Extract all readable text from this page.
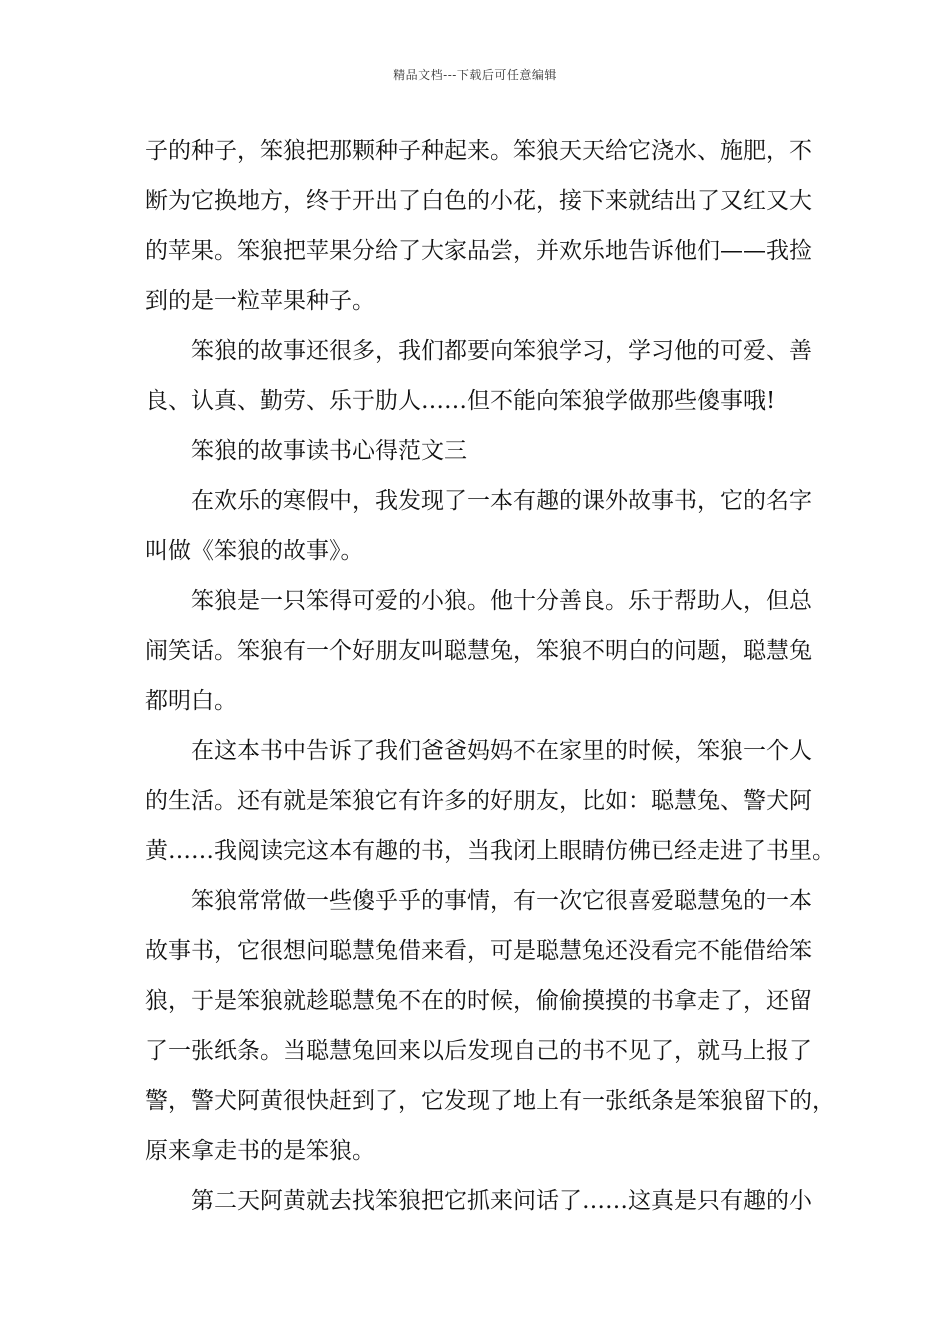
精品文档---下载后可任意编辑
子的种子，笨狼把那颗种子种起来。笨狼天天给它浇水、施肥，不
断为它换地方，终于开出了白色的小花，接下来就结出了又红又大
的苹果。笨狼把苹果分给了大家品尝，并欢乐地告诉他们——我捡
到的是一粒苹果种子。
笨狼的故事还很多，我们都要向笨狼学习，学习他的可爱、善
良、认真、勤劳、乐于肋人……但不能向笨狼学做那些傻事哦!
笨狼的故事读书心得范文三
在欢乐的寒假中，我发现了一本有趣的课外故事书，它的名字
叫做《笨狼的故事》。
笨狼是一只笨得可爱的小狼。他十分善良。乐于帮助人，但总
闹笑话。笨狼有一个好朋友叫聪慧兔，笨狼不明白的问题，聪慧兔
都明白。
在这本书中告诉了我们爸爸妈妈不在家里的时候，笨狼一个人
的生活。还有就是笨狼它有许多的好朋友，比如：聪慧兔、警犬阿
黄……我阅读完这本有趣的书，当我闭上眼睛仿佛已经走进了书里。
笨狼常常做一些傻乎乎的事情，有一次它很喜爱聪慧兔的一本
故事书，它很想问聪慧兔借来看，可是聪慧兔还没看完不能借给笨
狼，于是笨狼就趁聪慧兔不在的时候，偷偷摸摸的书拿走了，还留
了一张纸条。当聪慧兔回来以后发现自己的书不见了，就马上报了
警，警犬阿黄很快赶到了，它发现了地上有一张纸条是笨狼留下的，
原来拿走书的是笨狼。
第二天阿黄就去找笨狼把它抓来问话了……这真是只有趣的小
